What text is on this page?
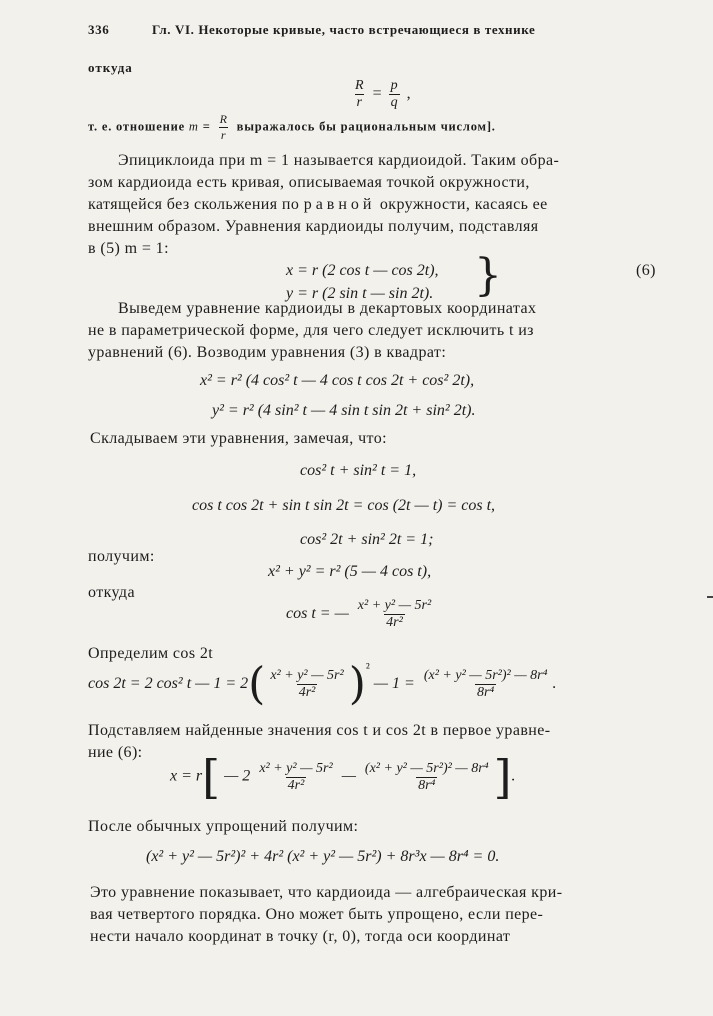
336	Гл. VI. Некоторые кривые, часто встречающиеся в технике
откуда
$\frac{R}{r} = \frac{p}{q}$ ,
т. е. отношение $m = \frac{R}{r}$ выражалось бы рациональным числом].
Эпициклоида при m = 1 называется кардиоидой. Таким обра-
зом кардиоида есть кривая, описываемая точкой окружности,
катящейся без скольжения по равной окружности, касаясь ее
внешним образом. Уравнения кардиоиды получим, подставляя
в (5) m = 1:
x = r (2 cos t — cos 2t),
y = r (2 sin t — sin 2t). }	(6)
Выведем уравнение кардиоиды в декартовых координатах
не в параметрической форме, для чего следует исключить t из
уравнений (6). Возводим уравнения (3) в квадрат:
x² = r² (4 cos² t — 4 cos t cos 2t + cos² 2t),
y² = r² (4 sin² t — 4 sin t sin 2t + sin² 2t).
Складываем эти уравнения, замечая, что:
cos² t + sin² t = 1,
cos t cos 2t + sin t sin 2t = cos (2t — t) = cos t,
cos² 2t + sin² 2t = 1;
получим:
x² + y² = r² (5 — 4 cos t),
откуда
cos t = — $\frac{\text{x² + y² — 5r²}}{\text{4r²}}$
Определим cos 2t
cos 2t = 2 cos² t — $1 = 2( \frac{\text{x² + y² — 5r²}}{\text{4r²}} )^{^2}$ — $1 = \frac{\text{(x² + y² — 5r²)² — 8r⁴}}{\text{8r⁴}}$ .
Подставляем найденные значения cos t и cos 2t в первое уравне-
ние (6):
x = r[ — $2 \frac{\text{x² + y² — 5r²}}{\text{4r²}}$ — $\frac{\text{(x² + y² — 5r²)² — 8r⁴}}{\text{8r⁴}}$ ].
После обычных упрощений получим:
(x² + y² — 5r²)² + 4r² (x² + y² — 5r²) + 8r³x — 8r⁴ = 0.
Это уравнение показывает, что кардиоида — алгебраическая кри-
вая четвертого порядка. Оно может быть упрощено, если пере-
нести начало координат в точку (r, 0), тогда оси координат
